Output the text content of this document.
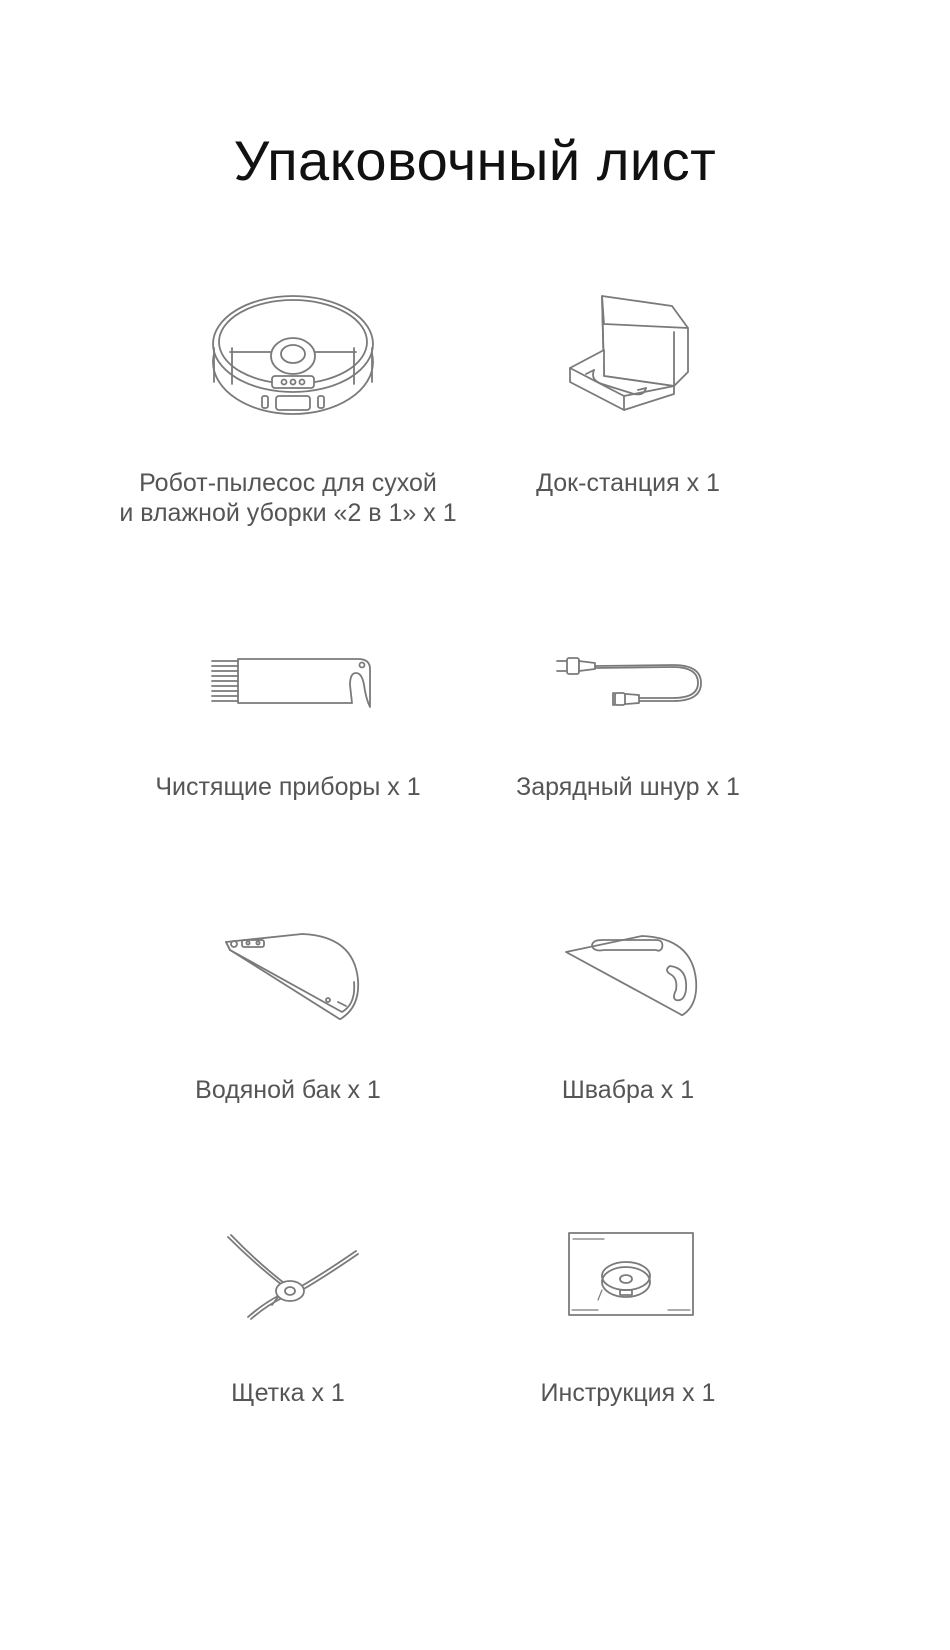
Упаковочный лист
Робот-пылесос для сухой
и влажной уборки «2 в 1» x 1
Док-станция x 1
Чистящие приборы x 1	Зарядный шнур x 1
Водяной бак x 1	Швабра x 1
Щетка x 1	Инструкция x 1
